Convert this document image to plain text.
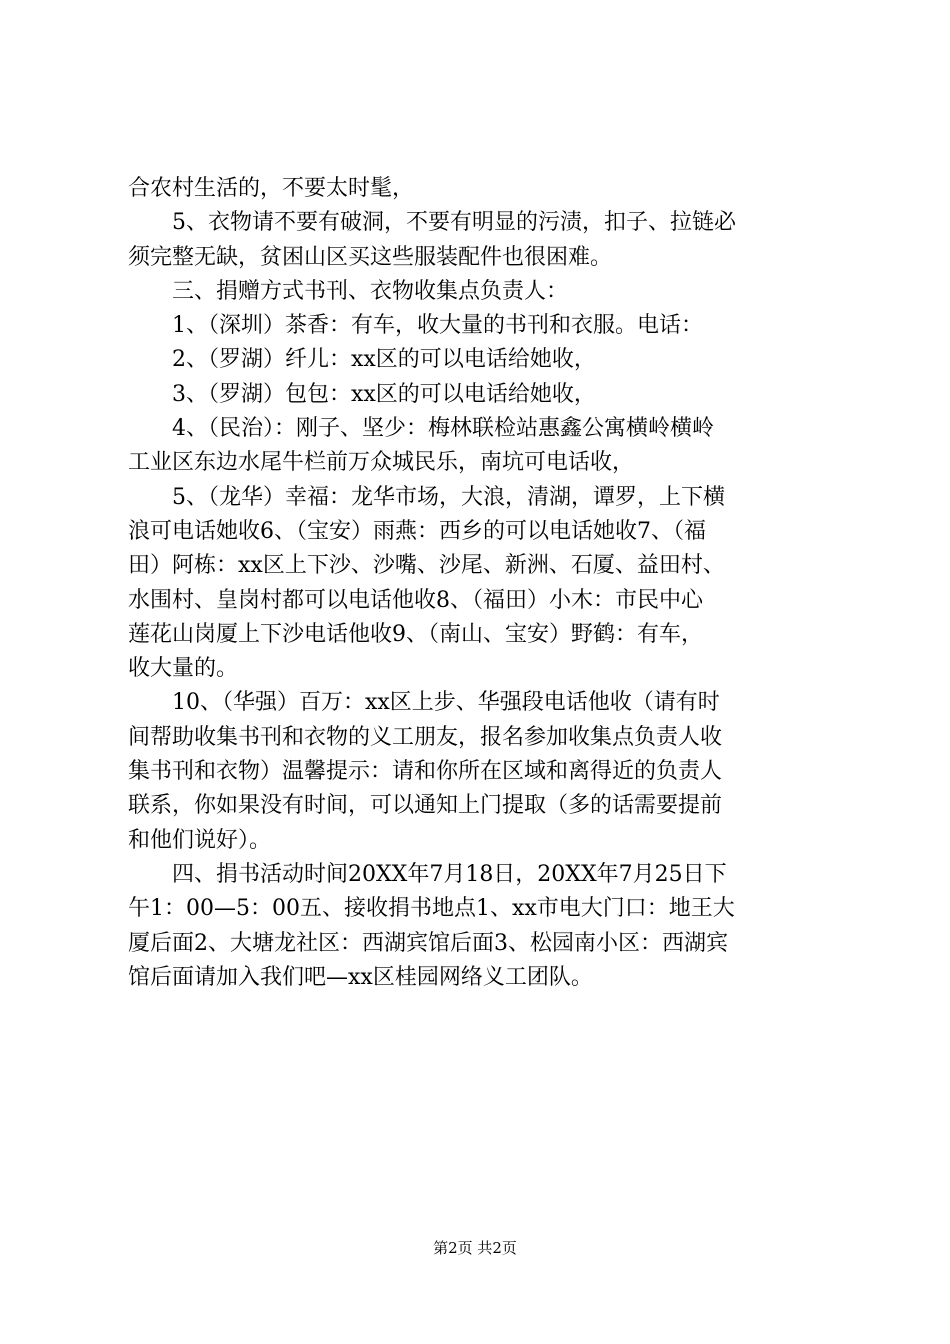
合农村生活的，不要太时髦，
　　5、衣物请不要有破洞，不要有明显的污渍，扣子、拉链必
须完整无缺，贫困山区买这些服装配件也很困难。
　　三、捐赠方式书刊、衣物收集点负责人：
　　1、（深圳）茶香：有车，收大量的书刊和衣服。电话：
　　2、（罗湖）纤儿：xx区的可以电话给她收，
　　3、（罗湖）包包：xx区的可以电话给她收，
　　4、（民治）：刚子、坚少：梅林联检站惠鑫公寓横岭横岭
工业区东边水尾牛栏前万众城民乐，南坑可电话收，
　　5、（龙华）幸福：龙华市场，大浪，清湖，谭罗，上下横
浪可电话她收6、（宝安）雨燕：西乡的可以电话她收7、（福
田）阿栋：xx区上下沙、沙嘴、沙尾、新洲、石厦、益田村、
水围村、皇岗村都可以电话他收8、（福田）小木：市民中心
莲花山岗厦上下沙电话他收9、（南山、宝安）野鹤：有车，
收大量的。
　　10、（华强）百万：xx区上步、华强段电话他收（请有时
间帮助收集书刊和衣物的义工朋友，报名参加收集点负责人收
集书刊和衣物）温馨提示：请和你所在区域和离得近的负责人
联系，你如果没有时间，可以通知上门提取（多的话需要提前
和他们说好）。
　　四、捐书活动时间20XX年7月18日，20XX年7月25日下
午1：00—5：00五、接收捐书地点1、xx市电大门口：地王大
厦后面2、大塘龙社区：西湖宾馆后面3、松园南小区：西湖宾
馆后面请加入我们吧—xx区桂园网络义工团队。
第2页 共2页
